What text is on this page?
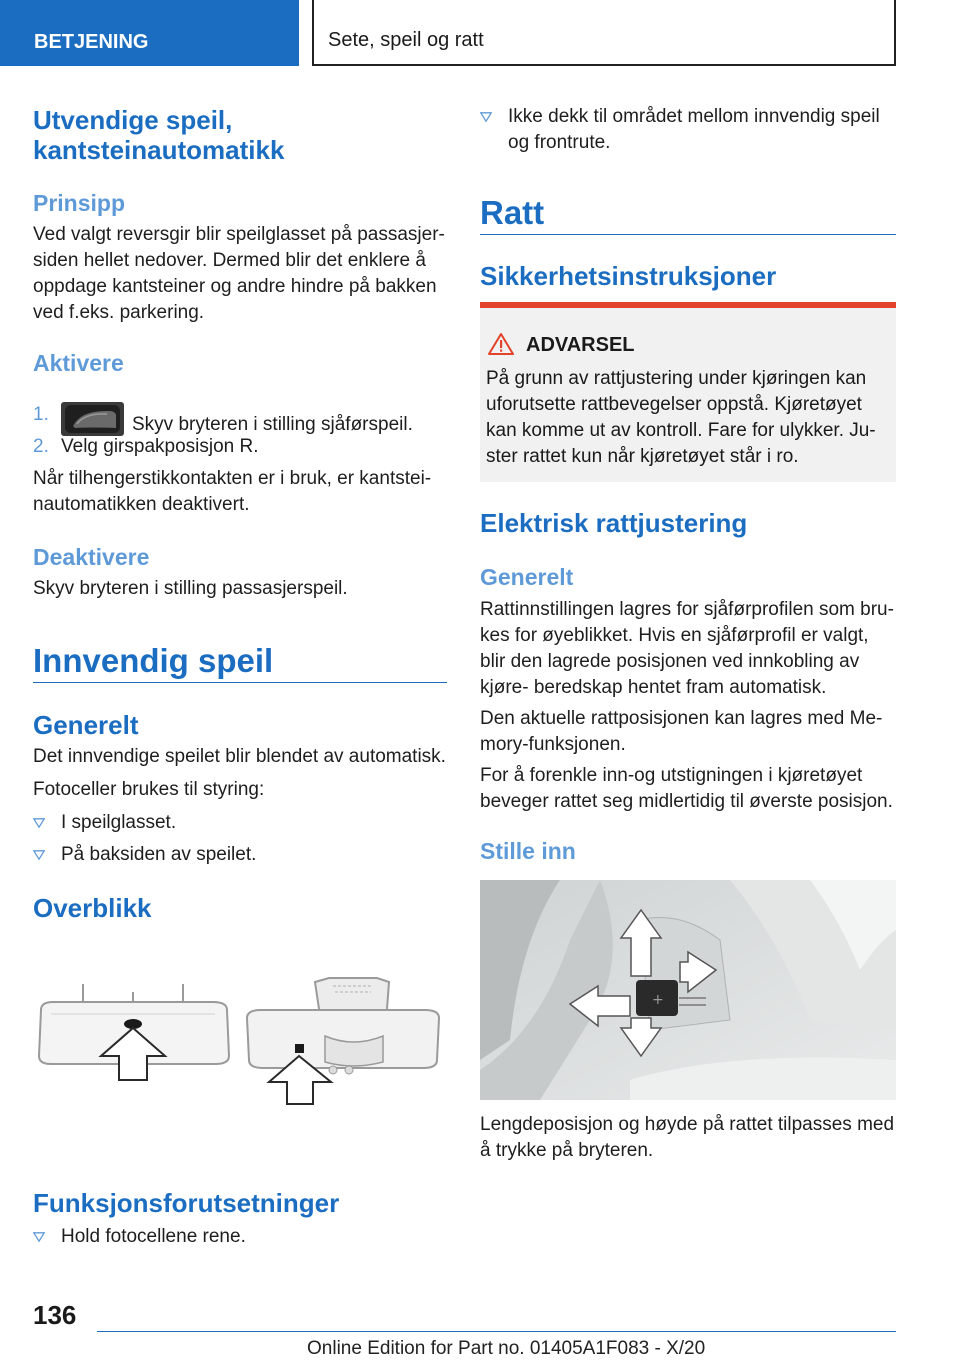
BETJENING	Sete, speil og ratt
Utvendige speil,
kantsteinautomatikk
Prinsipp
Ved valgt reversgir blir speilglasset på passasjer- siden hellet nedover. Dermed blir det enklere å oppdage kantsteiner og andre hindre på bakken ved f.eks. parkering.
Aktivere
1.	Skyv bryteren i stilling sjåførspeil.
2. Velg girspakposisjon R.
Når tilhengerstikkontakten er i bruk, er kantstei- nautomatikken deaktivert.
Deaktivere
Skyv bryteren i stilling passasjerspeil.
Innvendig speil
Generelt
Det innvendige speilet blir blendet av automatisk.
Fotoceller brukes til styring:
I speilglasset.
På baksiden av speilet.
Overblikk
Funksjonsforutsetninger
Hold fotocellene rene.
Ikke dekk til området mellom innvendig speil og frontrute.
Ratt
Sikkerhetsinstruksjoner
ADVARSEL
På grunn av rattjustering under kjøringen kan uforutsette rattbevegelser oppstå. Kjøretøyet kan komme ut av kontroll. Fare for ulykker. Ju- ster rattet kun når kjøretøyet står i ro.
Elektrisk rattjustering
Generelt
Rattinnstillingen lagres for sjåførprofilen som bru- kes for øyeblikket. Hvis en sjåførprofil er valgt, blir den lagrede posisjonen ved innkobling av kjøre- beredskap hentet fram automatisk.
Den aktuelle rattposisjonen kan lagres med Me- mory-funksjonen.
For å forenkle inn-og utstigningen i kjøretøyet beveger rattet seg midlertidig til øverste posisjon.
Stille inn
+
Lengdeposisjon og høyde på rattet tilpasses med å trykke på bryteren.
136
Online Edition for Part no. 01405A1F083 - X/20
